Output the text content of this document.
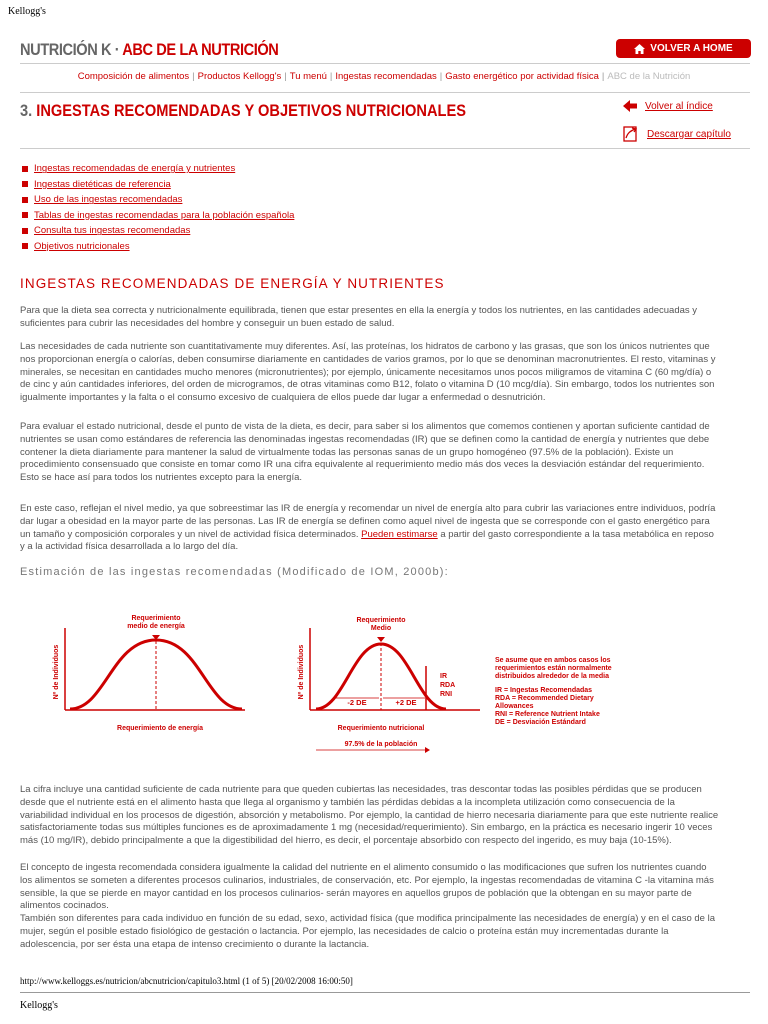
Kellogg's
NUTRICIÓN K · ABC DE LA NUTRICIÓN	VOLVER A HOME
Composición de alimentos | Productos Kellogg's | Tu menú | Ingestas recomendadas | Gasto energético por actividad física | ABC de la Nutrición
3. INGESTAS RECOMENDADAS Y OBJETIVOS NUTRICIONALES	Volver al índice
Descargar capítulo
Ingestas recomendadas de energía y nutrientes
Ingestas dietéticas de referencia
Uso de las ingestas recomendadas
Tablas de ingestas recomendadas para la población española
Consulta tus ingestas recomendadas
Objetivos nutricionales
INGESTAS RECOMENDADAS DE ENERGÍA Y NUTRIENTES
Para que la dieta sea correcta y nutricionalmente equilibrada, tienen que estar presentes en ella la energía y todos los nutrientes, en las cantidades adecuadas y suficientes para cubrir las necesidades del hombre y conseguir un buen estado de salud.
Las necesidades de cada nutriente son cuantitativamente muy diferentes. Así, las proteínas, los hidratos de carbono y las grasas, que son los únicos nutrientes que nos proporcionan energía o calorías, deben consumirse diariamente en cantidades de varios gramos, por lo que se denominan macronutrientes. El resto, vitaminas y minerales, se necesitan en cantidades mucho menores (micronutrientes); por ejemplo, únicamente necesitamos unos pocos miligramos de vitamina C (60 mg/día) o de cinc y aún cantidades inferiores, del orden de microgramos, de otras vitaminas como B12, folato o vitamina D (10 mcg/día). Sin embargo, todos los nutrientes son igualmente importantes y la falta o el consumo excesivo de cualquiera de ellos puede dar lugar a enfermedad o desnutrición.
Para evaluar el estado nutricional, desde el punto de vista de la dieta, es decir, para saber si los alimentos que comemos contienen y aportan suficiente cantidad de nutrientes se usan como estándares de referencia las denominadas ingestas recomendadas (IR) que se definen como la cantidad de energía y nutrientes que debe contener la dieta diariamente para mantener la salud de virtualmente todas las personas sanas de un grupo homogéneo (97.5% de la población). Existe un procedimiento consensuado que consiste en tomar como IR una cifra equivalente al requerimiento medio más dos veces la desviación estándar del requerimiento. Esto se hace así para todos los nutrientes excepto para la energía.
En este caso, reflejan el nivel medio, ya que sobreestimar las IR de energía y recomendar un nivel de energía alto para cubrir las variaciones entre individuos, podría dar lugar a obesidad en la mayor parte de las personas. Las IR de energía se definen como aquel nivel de ingesta que se corresponde con el gasto energético para un tamaño y composición corporales y un nivel de actividad física determinados. Pueden estimarse a partir del gasto correspondiente a la tasa metabólica en reposo y a la actividad física desarrollada a lo largo del día.
Estimación de las ingestas recomendadas (Modificado de IOM, 2000b):
Requerimiento
medio de energía
Nº de Individuos
Requerimiento de energía
Requerimiento
Medio
Nº de Individuos
-2 DE	+2 DE
IR
RDA
RNI
Requerimiento nutricional
97.5% de la población
Se asume que en ambos casos los
requerimientos están normalmente
distribuidos alrededor de la media
IR = Ingestas Recomendadas
RDA = Recommended Dietary
Allowances
RNI = Reference Nutrient Intake
DE = Desviación Estándard
La cifra incluye una cantidad suficiente de cada nutriente para que queden cubiertas las necesidades, tras descontar todas las posibles pérdidas que se producen desde que el nutriente está en el alimento hasta que llega al organismo y también las pérdidas debidas a la incompleta utilización como consecuencia de la variabilidad individual en los procesos de digestión, absorción y metabolismo. Por ejemplo, la cantidad de hierro necesaria diariamente para que este nutriente realice satisfactoriamente todas sus múltiples funciones es de aproximadamente 1 mg (necesidad/requerimiento). Sin embargo, en la práctica es necesario ingerir 10 veces más (10 mg/IR), debido principalmente a que la digestibilidad del hierro, es decir, el porcentaje absorbido con respecto del ingerido, es muy baja (10-15%).
El concepto de ingesta recomendada considera igualmente la calidad del nutriente en el alimento consumido o las modificaciones que sufren los nutrientes cuando los alimentos se someten a diferentes procesos culinarios, industriales, de conservación, etc. Por ejemplo, la ingestas recomendadas de vitamina C -la vitamina más sensible, la que se pierde en mayor cantidad en los procesos culinarios- serán mayores en aquellos grupos de población que la obtengan en su mayor parte de alimentos cocinados.
También son diferentes para cada individuo en función de su edad, sexo, actividad física (que modifica principalmente las necesidades de energía) y en el caso de la mujer, según el posible estado fisiológico de gestación o lactancia. Por ejemplo, las necesidades de calcio o proteína están muy incrementadas durante la adolescencia, por ser ésta una etapa de intenso crecimiento o durante la lactancia.
http://www.kelloggs.es/nutricion/abcnutricion/capitulo3.html (1 of 5) [20/02/2008 16:00:50]
Kellogg's
